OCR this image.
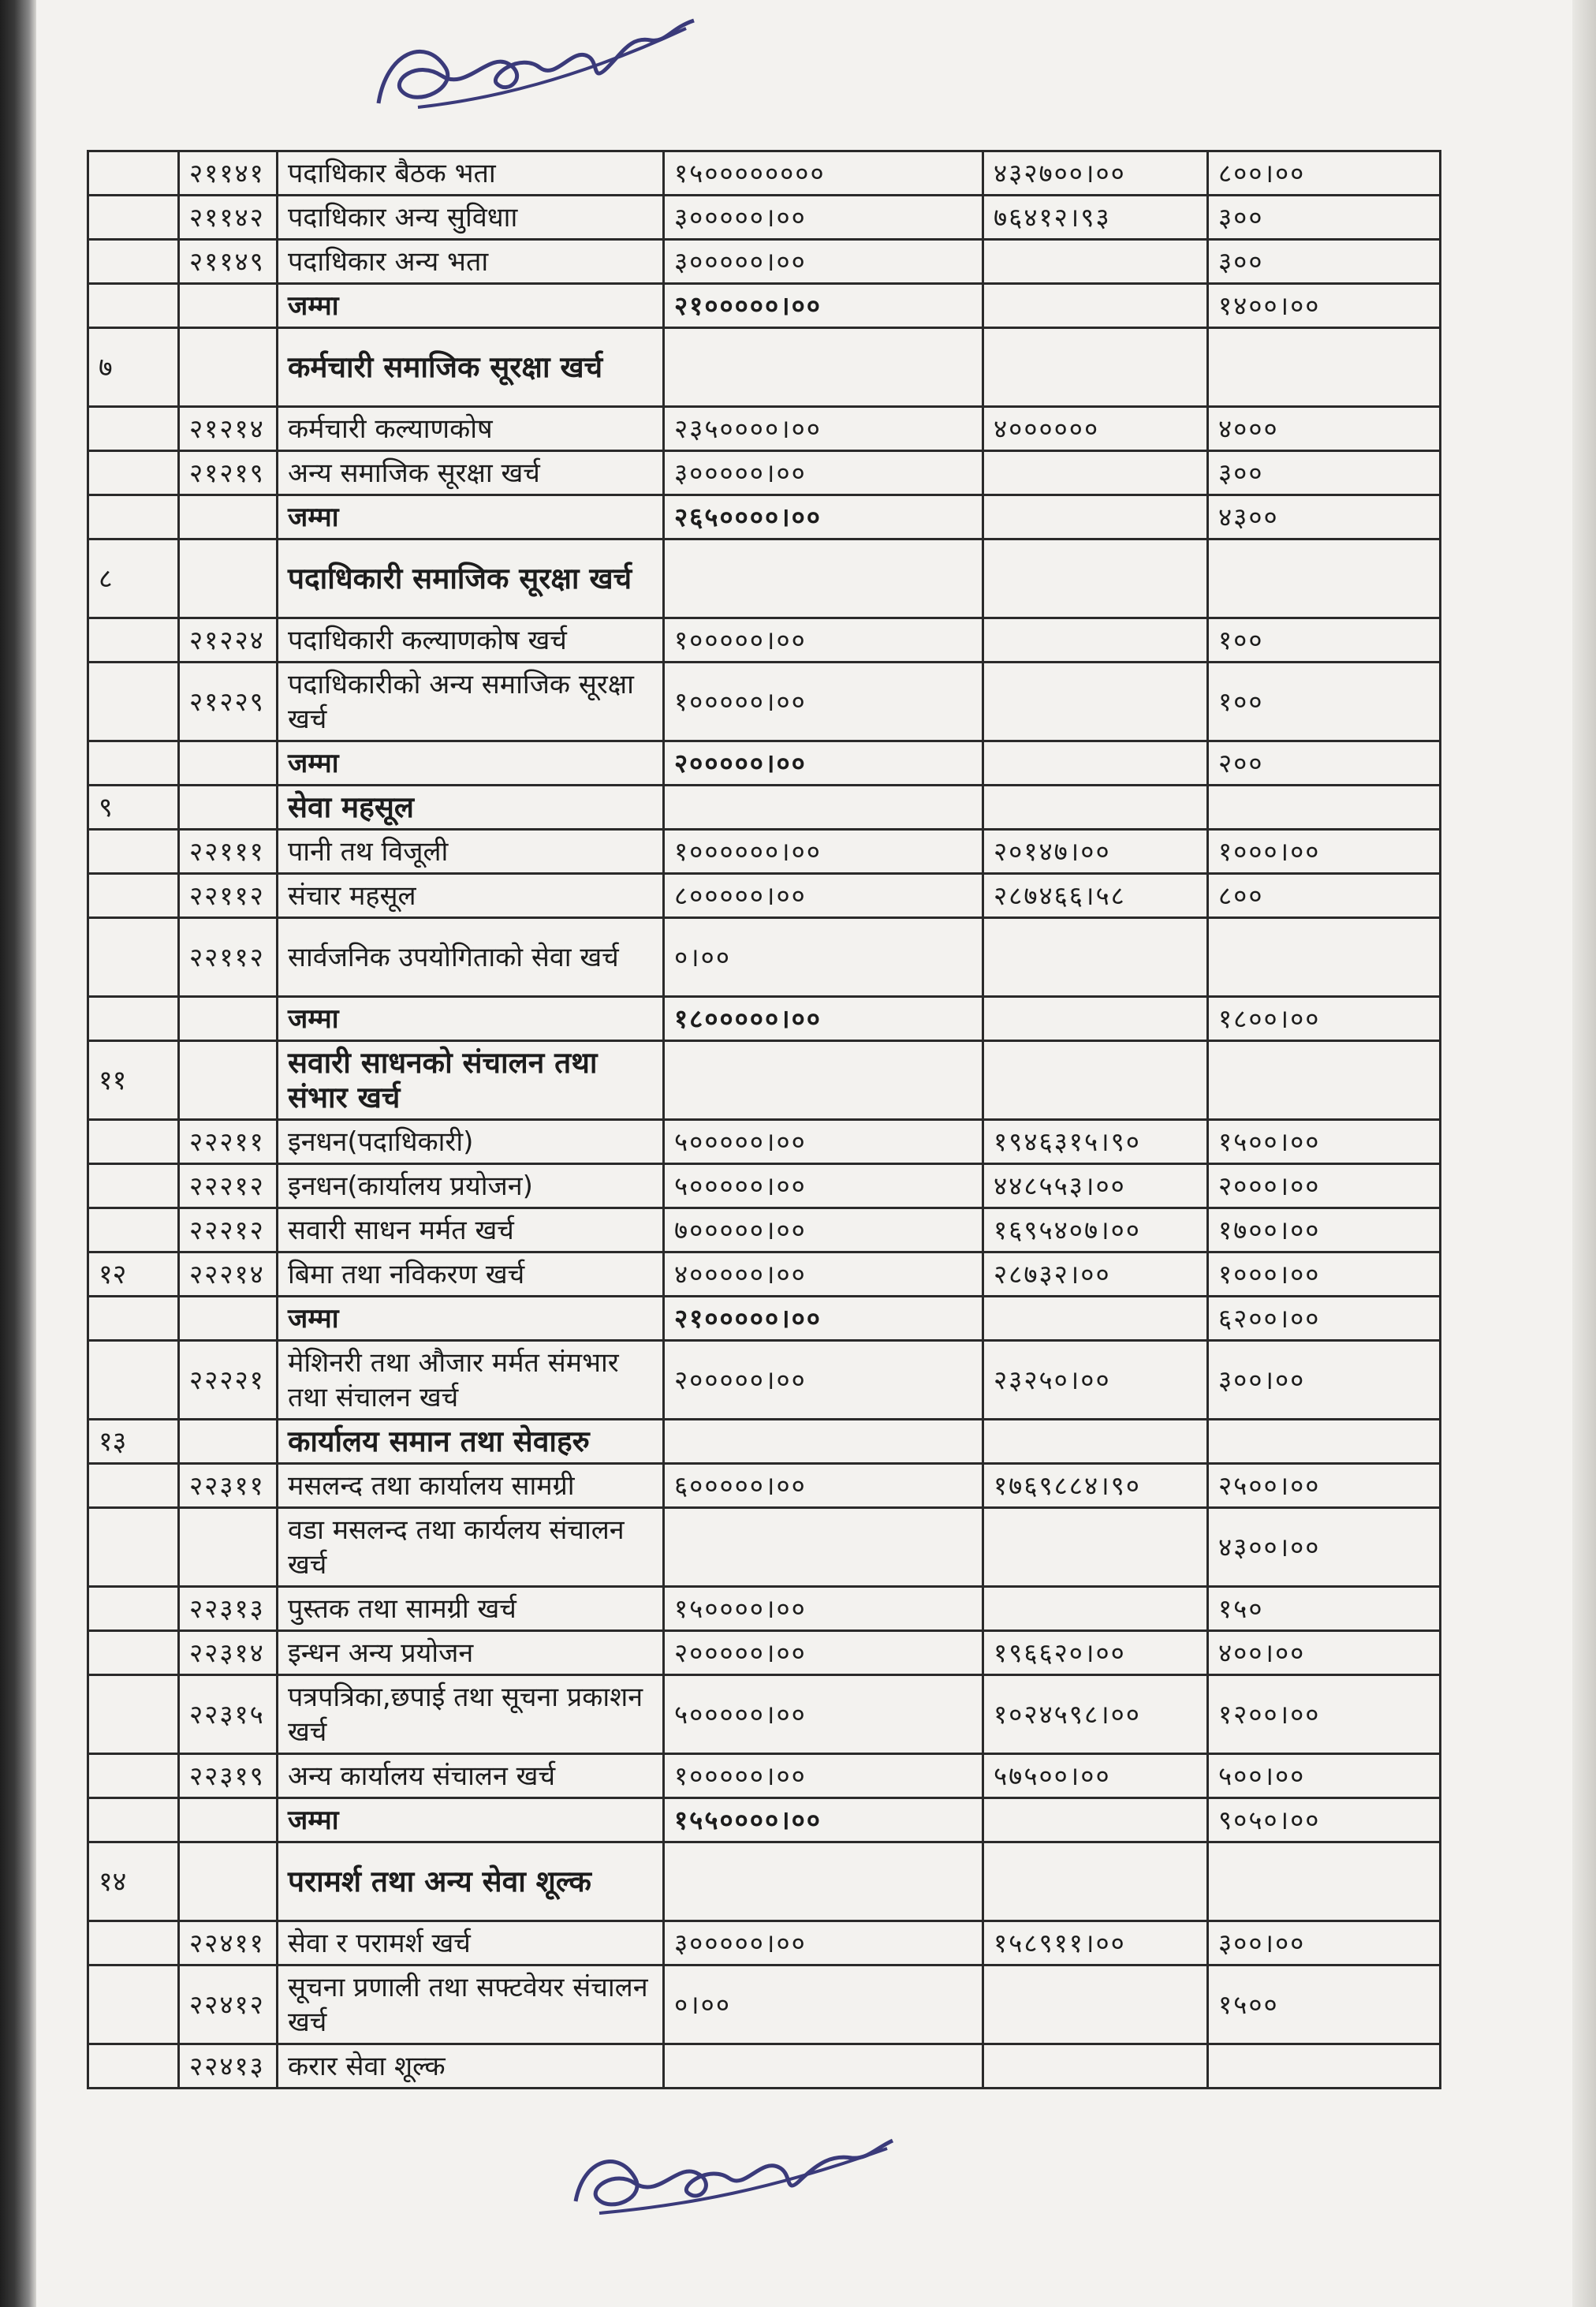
	२११४१	पदाधिकार बैठक भता	१५००००००००	४३२७००।००	८००।००
	२११४२	पदाधिकार अन्य सुविधाा	३०००००।००	७६४१२।९३	३००
	२११४९	पदाधिकार अन्य भता	३०००००।००		३००
		जम्मा	२१०००००।००		१४००।००
७		कर्मचारी समाजिक सूरक्षा खर्च			
	२१२१४	कर्मचारी कल्याणकोष	२३५००००।००	४००००००	४०००
	२१२१९	अन्य समाजिक सूरक्षा खर्च	३०००००।००		३००
		जम्मा	२६५००००।००		४३००
८		पदाधिकारी समाजिक सूरक्षा खर्च			
	२१२२४	पदाधिकारी कल्याणकोष खर्च	१०००००।००		१००
	२१२२९	पदाधिकारीको अन्य समाजिक सूरक्षा खर्च	१०००००।००		१००
		जम्मा	२०००००।००		२००
९		सेवा महसूल			
	२२१११	पानी तथ विजूली	१००००००।००	२०१४७।००	१०००।००
	२२११२	संचार महसूल	८०००००।००	२८७४६६।५८	८००
	२२११२	सार्वजनिक उपयोगिताको सेवा खर्च	०।००		
		जम्मा	१८०००००।००		१८००।००
११		सवारी साधनको संचालन तथा संभार खर्च			
	२२२११	इनधन(पदाधिकारी)	५०००००।००	१९४६३१५।९०	१५००।००
	२२२१२	इनधन(कार्यालय प्रयोजन)	५०००००।००	४४८५५३।००	२०००।००
	२२२१२	सवारी साधन मर्मत खर्च	७०००००।००	१६९५४०७।००	१७००।००
१२	२२२१४	बिमा तथा नविकरण खर्च	४०००००।००	२८७३२।००	१०००।००
		जम्मा	२१०००००।००		६२००।००
	२२२२१	मेशिनरी तथा औजार मर्मत संमभार तथा संचालन खर्च	२०००००।००	२३२५०।००	३००।००
१३		कार्यालय समान तथा सेवाहरु			
	२२३११	मसलन्द तथा कार्यालय सामग्री	६०००००।००	१७६९८८४।९०	२५००।००
		वडा मसलन्द तथा कार्यलय संचालन खर्च			४३००।००
	२२३१३	पुस्तक तथा सामग्री खर्च	१५००००।००		१५०
	२२३१४	इन्धन अन्य प्रयोजन	२०००००।००	१९६६२०।००	४००।००
	२२३१५	पत्रपत्रिका,छपाई तथा सूचना प्रकाशन खर्च	५०००००।००	१०२४५९८।००	१२००।००
	२२३१९	अन्य कार्यालय संचालन खर्च	१०००००।००	५७५००।००	५००।००
		जम्मा	१५५००००।००		९०५०।००
१४		परामर्श तथा अन्य सेवा शूल्क			
	२२४११	सेवा र परामर्श खर्च	३०००००।००	१५८९११।००	३००।००
	२२४१२	सूचना प्रणाली तथा सफ्टवेयर संचालन खर्च	०।००		१५००
	२२४१३	करार सेवा शूल्क			
